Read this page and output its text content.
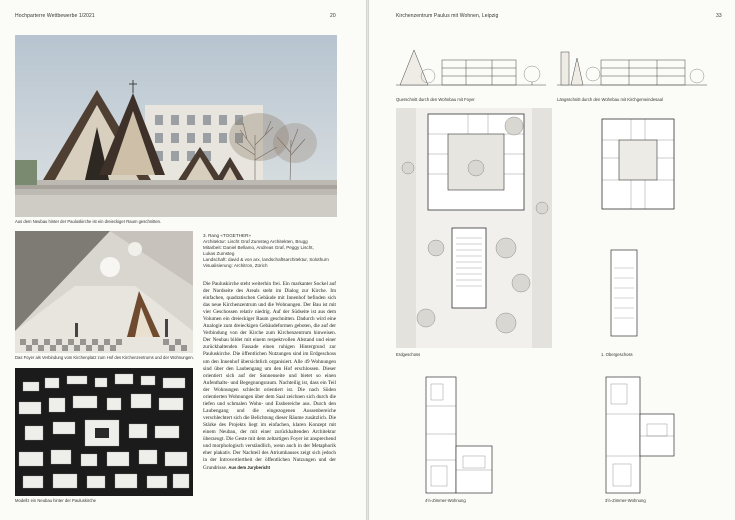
Hochparterre Wettbewerbe 1/2021	20
Aus dem Neubau hinter der Pauluskirche ist ein dreieckiger Raum geschnitten.
Das Foyer als Verbindung vom Kirchenplatz zum Hof des Kirchenzentrums und der Wohnungen.
Modellz ein Neubau hinter der Pauluskirche
3. Rang «TOGETHER»
Architektur: Lischt Graf Zumsteg Architekten, Brugg
Mitarbeit: Daniel Bellamo, Andreas Graf, Peggy Lischt,
Lukas Zumsteg
Landschaft: david & von arx, landschaftsarchitektur, Solothurn
Visualisierung: Architron, Zürich

Die Pauluskirche steht weiterhin frei. Ein markanter Sockel auf der Nordseite des Areals steht im Dialog zur Kirche. Im einfachen, quadratischen Gebäude mit Innenhof befinden sich das neue Kirchenzentrum und die Wohnungen. Der Bau ist mit vier Geschossen relativ niedrig. Auf der Südseite ist aus dem Volumen ein dreieckiger Raum geschnitten. Dadurch wird eine Analogie zum dreieckigen Gebäudeformen geboten, die auf der Verbindung von der Kirche zum Kirchenzentrum hinweisen. Der Neubau bildet mit einem respektvollen Abstand und einer zurückhaltenden Fassade einen ruhigen Hintergrund zur Pauluskirche. Die öffentlichen Nutzungen sind im Erdgeschoss um den Innenhof übersichtlich organisiert. Alle 49 Wohnungen sind über den Laubengang um den Hof erschlossen. Dieser orientiert sich auf der Sonnenseite und bietet so einen Aufenthalts- und Begegnungsraum. Nachteilig ist, dass ein Teil der Wohnungen schlecht orientiert ist. Die nach Süden orientierten Wohnungen über dem Saal zeichnen sich durch die tiefen und schmalen Wohn- und Essbereiche aus. Durch den Laubengang und die eingezogenen Aussenbereiche verschlechtert sich die Belichtung dieser Räume zusätzlich. Die Stärke des Projekts liegt im einfachen, klaren Konzept mit einem Neubau, der mit einer zurückhaltenden Architektur überzeugt. Die Geste mit dem zeltartigen Foyer ist ansprechend und morphologisch verständlich, wenn auch in der Metaphorik eher plakativ. Der Nachteil des Atriumhauses zeigt sich jedoch in der Introvertiertheit der öffentlichen Nutzungen und der Grundrisse. Aus dem Jurybericht

Kirchenzentrum Paulus mit Wohnen, Leipzig	33
Querschnitt durch den Wohnbau mit Foyer	Längsschnitt durch den Wohnbau mit Kirchgemeindesaal
Erdgeschoss	1. Obergeschoss
4½-Zimmer-Wohnung	3½-Zimmer-Wohnung
